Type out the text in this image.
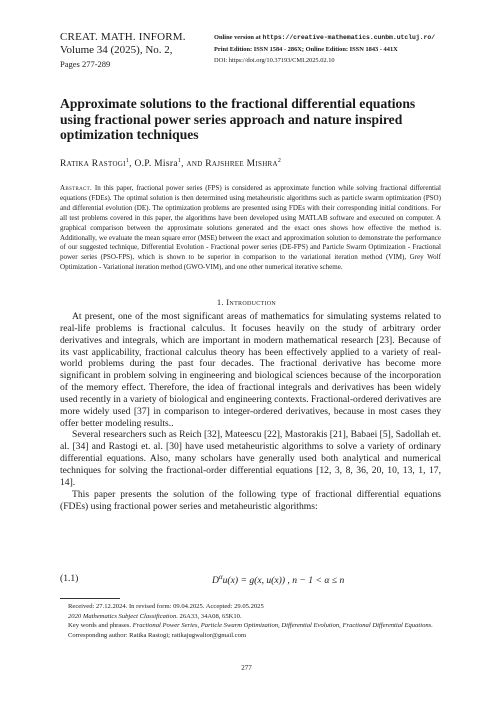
CREAT. MATH. INFORM.
Volume 34 (2025), No. 2,
Pages 277-289
Online version at https://creative-mathematics.cunbm.utcluj.ro/
Print Edition: ISSN 1584 - 286X; Online Edition: ISSN 1843 - 441X
DOI: https://doi.org/10.37193/CMI.2025.02.10
Approximate solutions to the fractional differential equations using fractional power series approach and nature inspired optimization techniques
Ratika Rastogi$^1$, O.P. Misra$^1$, and Rajshree Mishra$^2$
Abstract. In this paper, fractional power series (FPS) is considered as approximate function while solving fractional differential equations (FDEs). The optimal solution is then determined using metaheuristic algorithms such as particle swarm optimization (PSO) and differential evolution (DE). The optimization problems are presented using FDEs with their corresponding initial conditions. For all test problems covered in this paper, the algorithms have been developed using MATLAB software and executed on computer. A graphical comparison between the approximate solutions generated and the exact ones shows how effective the method is. Additionally, we evaluate the mean square error (MSE) between the exact and approximation solution to demonstrate the performance of our suggested technique, Differential Evolution - Fractional power series (DE-FPS) and Particle Swarm Optimization - Fractional power series (PSO-FPS), which is shown to be superior in comparison to the variational iteration method (VIM), Grey Wolf Optimization - Variational iteration method (GWO-VIM), and one other numerical iterative scheme.
1. Introduction

At present, one of the most significant areas of mathematics for simulating systems related to real-life problems is fractional calculus. It focuses heavily on the study of arbitrary order derivatives and integrals, which are important in modern mathematical research [23]. Because of its vast applicability, fractional calculus theory has been effectively applied to a variety of real-world problems during the past four decades. The fractional derivative has become more significant in problem solving in engineering and biological sciences because of the incorporation of the memory effect. Therefore, the idea of fractional integrals and derivatives has been widely used recently in a variety of biological and engineering contexts. Fractional-ordered derivatives are more widely used [37] in comparison to integer-ordered derivatives, because in most cases they offer better modeling results..

Several researchers such as Reich [32], Mateescu [22], Mastorakis [21], Babaei [5], Sadollah et. al. [34] and Rastogi et. al. [30] have used metaheuristic algorithms to solve a variety of ordinary differential equations. Also, many scholars have generally used both analytical and numerical techniques for solving the fractional-order differential equations [12, 3, 8, 36, 20, 10, 13, 1, 17, 14].

This paper presents the solution of the following type of fractional differential equations (FDEs) using fractional power series and metaheuristic algorithms:

(1.1)	$D^\alpha u(x) = g(x$, u(x)) , n − 1 < α ≤ n

Received: 27.12.2024. In revised form: 09.04.2025. Accepted: 29.05.2025

2020 Mathematics Subject Classification. 26A33, 34A08, 65K10.

Key words and phrases. Fractional Power Series, Particle Swarm Optimization, Differential Evolution, Fractional Differential Equations.

Corresponding author: Ratika Rastogi; ratikajugwalior@gmail.com

277
